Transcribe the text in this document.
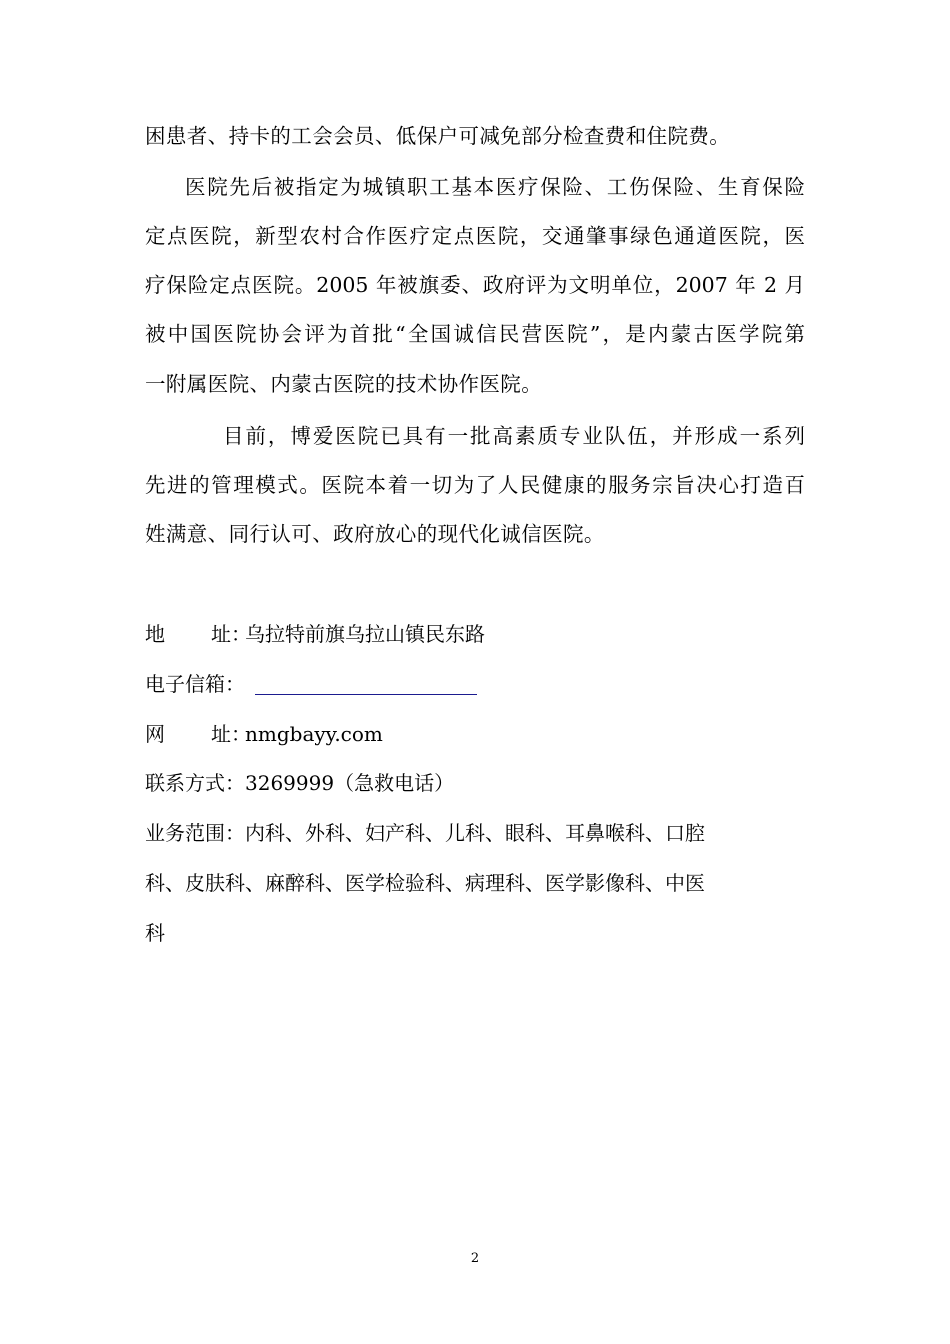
困患者、持卡的工会会员、低保户可减免部分检查费和住院费。
医院先后被指定为城镇职工基本医疗保险、工伤保险、生育保险
定点医院，新型农村合作医疗定点医院，交通肇事绿色通道医院，医
疗保险定点医院。2005 年被旗委、政府评为文明单位，2007 年 2 月
被中国医院协会评为首批“全国诚信民营医院”，是内蒙古医学院第
一附属医院、内蒙古医院的技术协作医院。
目前，博爱医院已具有一批高素质专业队伍，并形成一系列
先进的管理模式。医院本着一切为了人民健康的服务宗旨决心打造百
姓满意、同行认可、政府放心的现代化诚信医院。
地 址：乌拉特前旗乌拉山镇民东路
电子信箱：
网 址：nmgbayy.com
联系方式：3269999（急救电话）
业务范围：内科、外科、妇产科、儿科、眼科、耳鼻喉科、口腔
科、皮肤科、麻醉科、医学检验科、病理科、医学影像科、中医
科
2
